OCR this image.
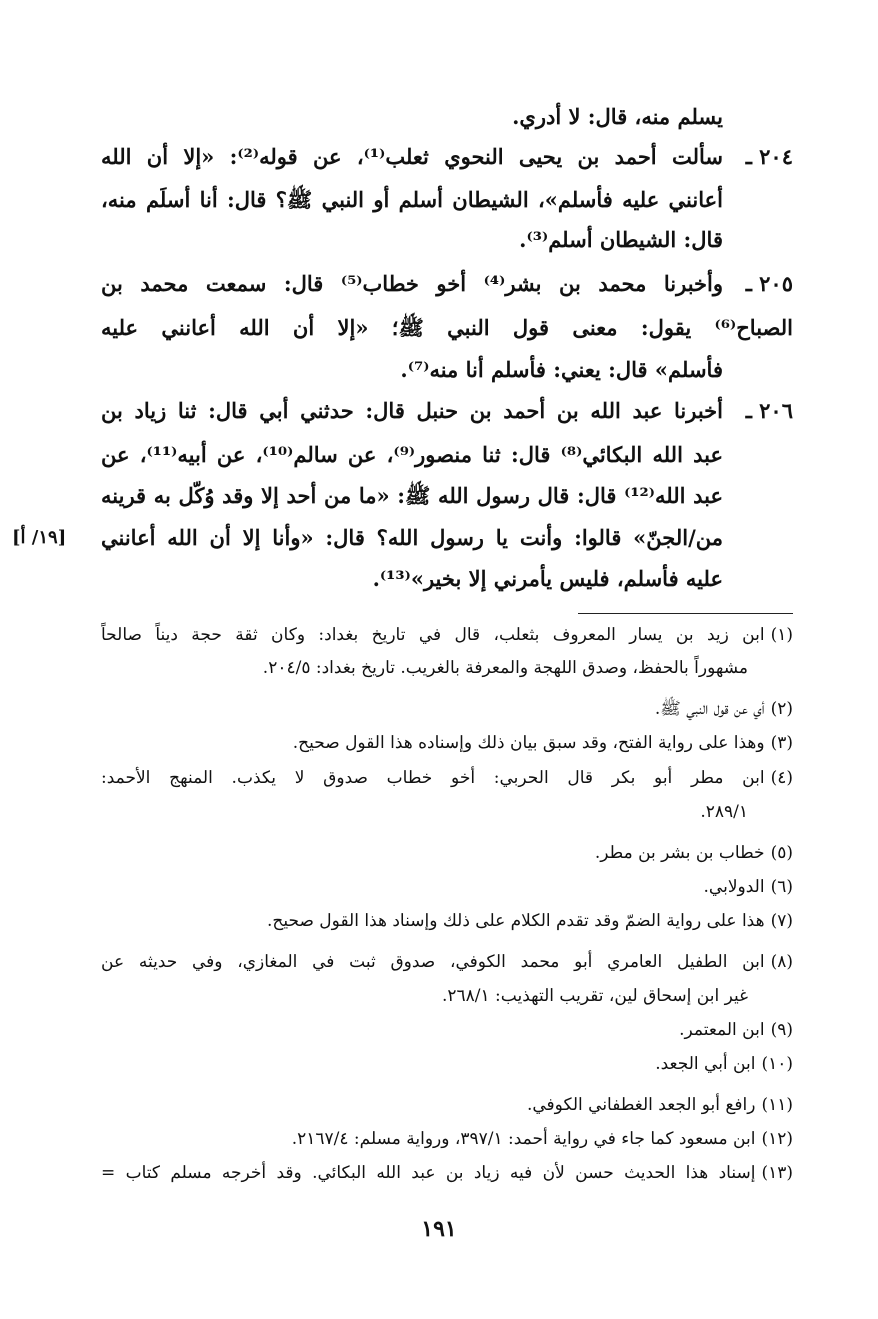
يسلم منه، قال: لا أدري.
٢٠٤ ـ
سألت أحمد بن يحيى النحوي ثعلب⁽¹⁾، عن قوله⁽²⁾: «إلا أن الله
أعانني عليه فأسلم»، الشيطان أسلم أو النبي ﷺ؟ قال: أنا أسلَم منه،
قال: الشيطان أسلم⁽³⁾.
٢٠٥ ـ
وأخبرنا محمد بن بشر⁽⁴⁾ أخو خطاب⁽⁵⁾ قال: سمعت محمد بن
الصباح⁽⁶⁾ يقول: معنى قول النبي ﷺ؛ «إلا أن الله أعانني عليه
فأسلم» قال: يعني: فأسلم أنا منه⁽⁷⁾.
٢٠٦ ـ
أخبرنا عبد الله بن أحمد بن حنبل قال: حدثني أبي قال: ثنا زياد بن
عبد الله البكائي⁽⁸⁾ قال: ثنا منصور⁽⁹⁾، عن سالم⁽¹⁰⁾، عن أبيه⁽¹¹⁾، عن
عبد الله⁽¹²⁾ قال: قال رسول الله ﷺ: «ما من أحد إلا وقد وُكّل به قرينه
من/الجنّ» قالوا: وأنت يا رسول الله؟ قال: «وأنا إلا أن الله أعانني
عليه فأسلم، فليس يأمرني إلا بخير»⁽¹³⁾.
[١٩/ أ]
(١)ابن زيد بن يسار المعروف بثعلب، قال في تاريخ بغداد: وكان ثقة حجة ديناً صالحاً
مشهوراً بالحفظ، وصدق اللهجة والمعرفة بالغريب. تاريخ بغداد: ٢٠٤/٥.
(٢)أي عن قول النبي ﷺ.
(٣)وهذا على رواية الفتح، وقد سبق بيان ذلك وإسناده هذا القول صحيح.
(٤)ابن مطر أبو بكر قال الحربي: أخو خطاب صدوق لا يكذب. المنهج الأحمد:
٢٨٩/١.
(٥)خطاب بن بشر بن مطر.
(٦)الدولابي.
(٧)هذا على رواية الضمّ وقد تقدم الكلام على ذلك وإسناد هذا القول صحيح.
(٨)ابن الطفيل العامري أبو محمد الكوفي، صدوق ثبت في المغازي، وفي حديثه عن
غير ابن إسحاق لين، تقريب التهذيب: ٢٦٨/١.
(٩)ابن المعتمر.
(١٠)ابن أبي الجعد.
(١١)رافع أبو الجعد الغطفاني الكوفي.
(١٢)ابن مسعود كما جاء في رواية أحمد: ٣٩٧/١، ورواية مسلم: ٢١٦٧/٤.
(١٣)إسناد هذا الحديث حسن لأن فيه زياد بن عبد الله البكائي. وقد أخرجه مسلم كتاب =
١٩١
